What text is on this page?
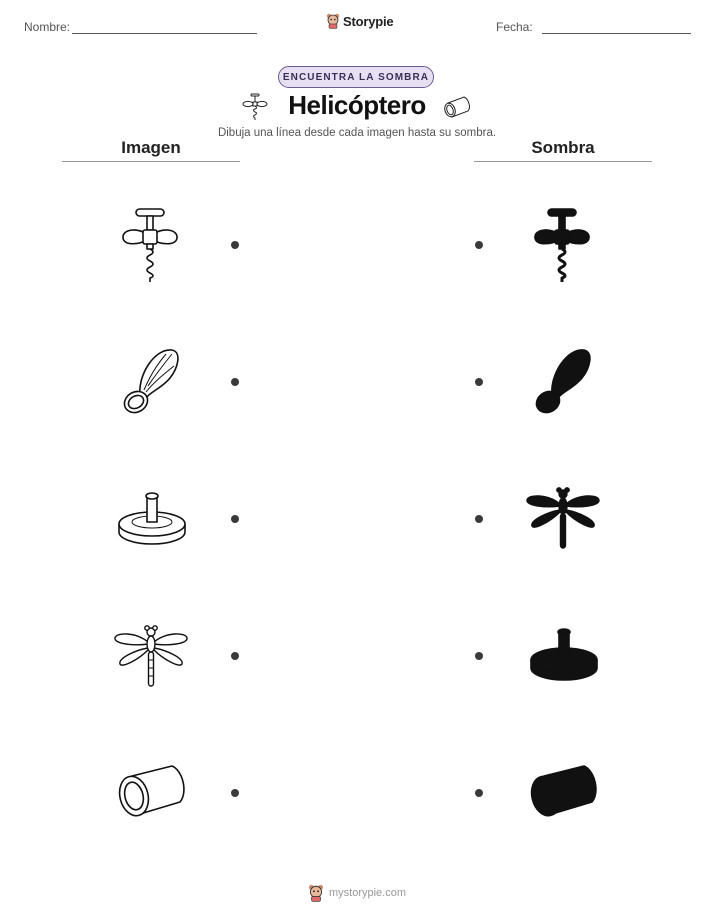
Nombre:	Storypie	Fecha:
ENCUENTRA LA SOMBRA
Helicóptero
Dibuja una línea desde cada imagen hasta su sombra.
Imagen	Sombra
mystorypie.com
